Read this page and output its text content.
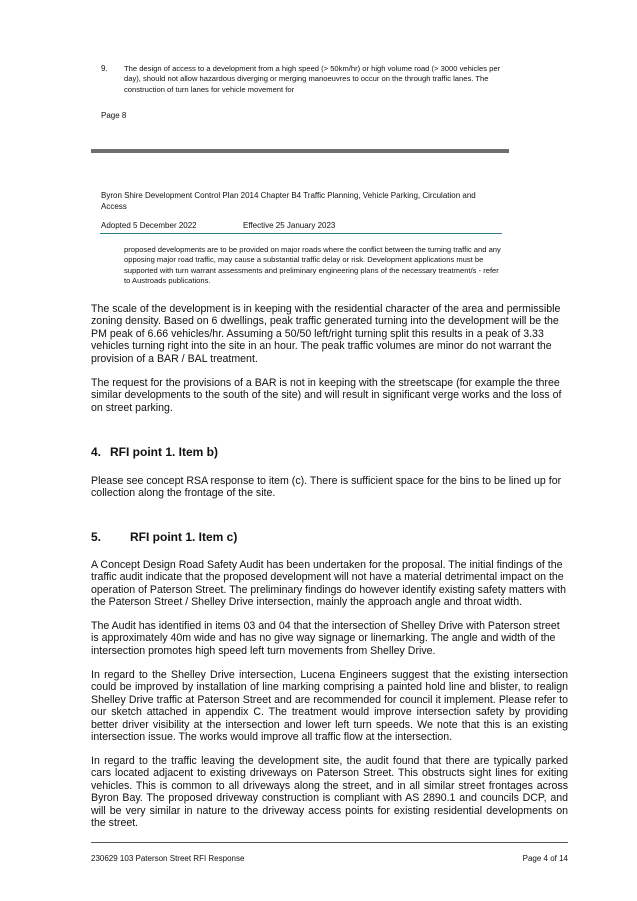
9. The design of access to a development from a high speed (> 50km/hr) or high volume road (> 3000 vehicles per day), should not allow hazardous diverging or merging manoeuvres to occur on the through traffic lanes. The construction of turn lanes for vehicle movement for
Page 8
Byron Shire Development Control Plan 2014 Chapter B4 Traffic Planning, Vehicle Parking, Circulation and Access
Adopted 5 December 2022	Effective 25 January 2023
proposed developments are to be provided on major roads where the conflict between the turning traffic and any opposing major road traffic, may cause a substantial traffic delay or risk. Development applications must be supported with turn warrant assessments and preliminary engineering plans of the necessary treatment/s - refer to Austroads publications.
The scale of the development is in keeping with the residential character of the area and permissible zoning density. Based on 6 dwellings, peak traffic generated turning into the development will be the PM peak of 6.66 vehicles/hr. Assuming a 50/50 left/right turning split this results in a peak of 3.33 vehicles turning right into the site in an hour. The peak traffic volumes are minor do not warrant the provision of a BAR / BAL treatment.
The request for the provisions of a BAR is not in keeping with the streetscape (for example the three similar developments to the south of the site) and will result in significant verge works and the loss of on street parking.
4. RFI point 1. Item b)
Please see concept RSA response to item (c). There is sufficient space for the bins to be lined up for collection along the frontage of the site.
5. RFI point 1. Item c)
A Concept Design Road Safety Audit has been undertaken for the proposal. The initial findings of the traffic audit indicate that the proposed development will not have a material detrimental impact on the operation of Paterson Street. The preliminary findings do however identify existing safety matters with the Paterson Street / Shelley Drive intersection, mainly the approach angle and throat width.
The Audit has identified in items 03 and 04 that the intersection of Shelley Drive with Paterson street is approximately 40m wide and has no give way signage or linemarking. The angle and width of the intersection promotes high speed left turn movements from Shelley Drive.
In regard to the Shelley Drive intersection, Lucena Engineers suggest that the existing intersection could be improved by installation of line marking comprising a painted hold line and blister, to realign Shelley Drive traffic at Paterson Street and are recommended for council it implement. Please refer to our sketch attached in appendix C. The treatment would improve intersection safety by providing better driver visibility at the intersection and lower left turn speeds. We note that this is an existing intersection issue. The works would improve all traffic flow at the intersection.
In regard to the traffic leaving the development site, the audit found that there are typically parked cars located adjacent to existing driveways on Paterson Street. This obstructs sight lines for exiting vehicles. This is common to all driveways along the street, and in all similar street frontages across Byron Bay. The proposed driveway construction is compliant with AS 2890.1 and councils DCP, and will be very similar in nature to the driveway access points for existing residential developments on the street.
230629 103 Paterson Street RFI Response	Page 4 of 14
